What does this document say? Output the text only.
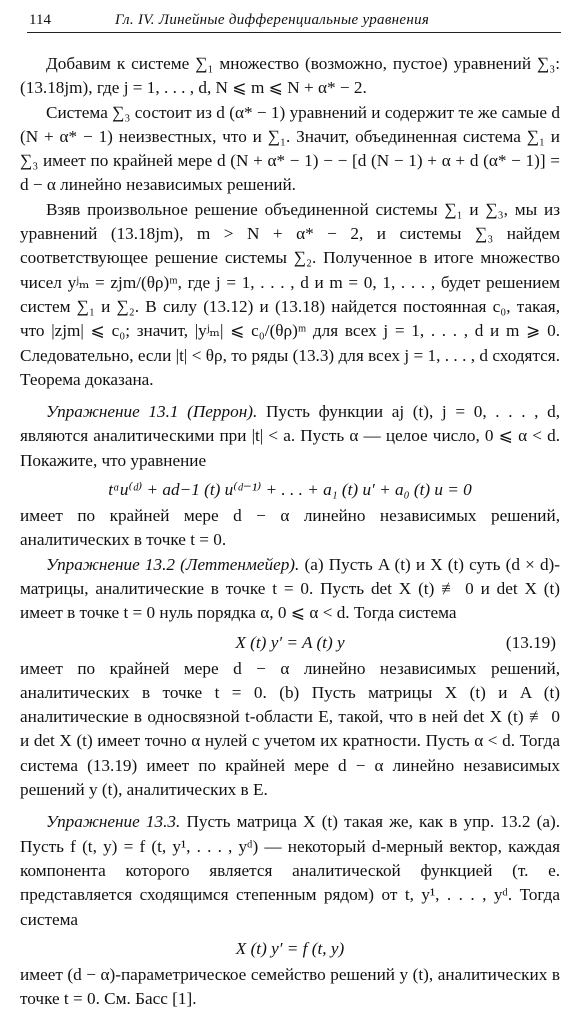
114	Гл. IV. Линейные дифференциальные уравнения

Добавим к системе ∑₁ множество (возможно, пустое) уравнений ∑₃: (13.18jm), где j = 1, . . . , d, N ⩽ m ⩽ N + α* − 2.

Система ∑₃ состоит из d (α* − 1) уравнений и содержит те же самые d (N + α* − 1) неизвестных, что и ∑₁. Значит, объединенная система ∑₁ и ∑₃ имеет по крайней мере d (N + α* − 1) − − [d (N − 1) + α + d (α* − 1)] = d − α линейно независимых решений.

Взяв произвольное решение объединенной системы ∑₁ и ∑₃, мы из уравнений (13.18jm), m > N + α* − 2, и системы ∑₃ найдем соответствующее решение системы ∑₂. Полученное в итоге множество чисел yʲₘ = zjm/(θρ)ᵐ, где j = 1, . . . , d и m = 0, 1, . . . , будет решением систем ∑₁ и ∑₂. В силу (13.12) и (13.18) найдется постоянная c₀, такая, что |zjm| ⩽ c₀; значит, |yʲₘ| ⩽ c₀/(θρ)ᵐ для всех j = 1, . . . , d и m ⩾ 0. Следовательно, если |t| < θρ, то ряды (13.3) для всех j = 1, . . . , d сходятся. Теорема доказана.

Упражнение 13.1 (Перрон). Пусть функции aj (t), j = 0, . . . , d, являются аналитическими при |t| < a. Пусть α — целое число, 0 ⩽ α < d. Покажите, что уравнение

tᵅu⁽ᵈ⁾ + ad−1 (t) u⁽ᵈ⁻¹⁾ + . . . + a₁ (t) u′ + a₀ (t) u = 0

имеет по крайней мере d − α линейно независимых решений, аналитических в точке t = 0.

Упражнение 13.2 (Леттенмейер). (a) Пусть A (t) и X (t) суть (d × d)-матрицы, аналитические в точке t = 0. Пусть det X (t) ≢ 0 и det X (t) имеет в точке t = 0 нуль порядка α, 0 ⩽ α < d. Тогда система

X (t) y′ = A (t) y	(13.19)

имеет по крайней мере d − α линейно независимых решений, аналитических в точке t = 0. (b) Пусть матрицы X (t) и A (t) аналитические в односвязной t-области E, такой, что в ней det X (t) ≢ 0 и det X (t) имеет точно α нулей с учетом их кратности. Пусть α < d. Тогда система (13.19) имеет по крайней мере d − α линейно независимых решений y (t), аналитических в E.

Упражнение 13.3. Пусть матрица X (t) такая же, как в упр. 13.2 (а). Пусть f (t, y) = f (t, y¹, . . . , yᵈ) — некоторый d-мерный вектор, каждая компонента которого является аналитической функцией (т. е. представляется сходящимся степенным рядом) от t, y¹, . . . , yᵈ. Тогда система

X (t) y′ = f (t, y)

имеет (d − α)-параметрическое семейство решений y (t), аналитических в точке t = 0. См. Басс [1].
